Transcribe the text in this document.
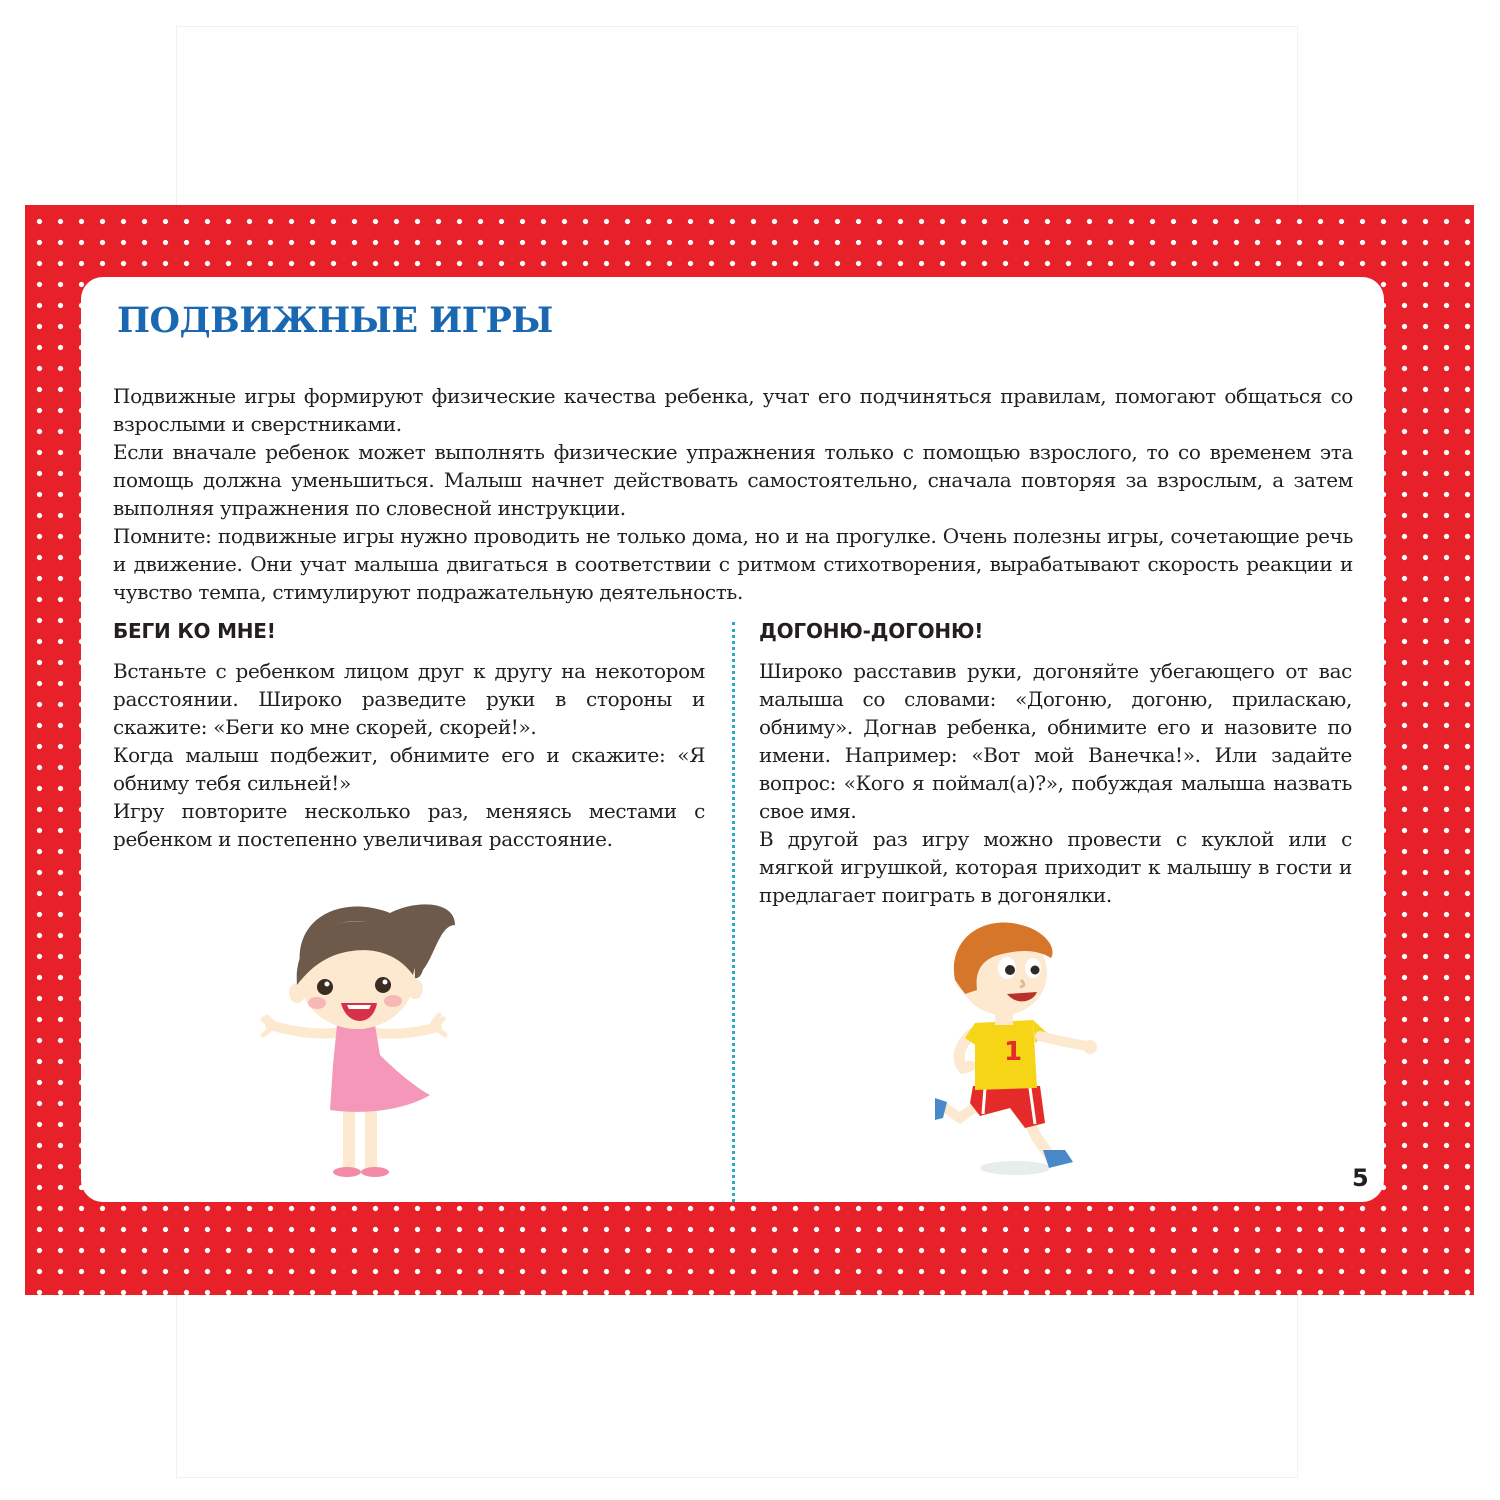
ПОДВИЖНЫЕ ИГРЫ

Подвижные игры формируют физические качества ребенка, учат его подчиняться правилам, помогают общаться со взрослыми и сверстниками.

Если вначале ребенок может выполнять физические упражнения только с помощью взрослого, то со временем эта помощь должна уменьшиться. Малыш начнет действовать самостоятельно, сначала повторяя за взрослым, а затем выполняя упражнения по словесной инструкции.

Помните: подвижные игры нужно проводить не только дома, но и на прогулке. Очень полезны игры, сочетающие речь и движение. Они учат малыша двигаться в соответствии с ритмом стихотворения, вырабатывают скорость реакции и чувство темпа, стимулируют подражательную деятельность.

БЕГИ КО МНЕ!

Встаньте с ребенком лицом друг к другу на некотором расстоянии. Широко разведите руки в стороны и скажите: «Беги ко мне скорей, скорей!».

Когда малыш подбежит, обнимите его и скажите: «Я обниму тебя сильней!»

Игру повторите несколько раз, меняясь местами с ребенком и постепенно увеличивая расстояние.

ДОГОНЮ-ДОГОНЮ!

Широко расставив руки, догоняйте убегающего от вас малыша со словами: «Догоню, догоню, приласкаю, обниму». Догнав ребенка, обнимите его и назовите по имени. Например: «Вот мой Ванечка!». Или задайте вопрос: «Кого я поймал(а)?», побуждая малыша назвать свое имя.

В другой раз игру можно провести с куклой или с мягкой игрушкой, которая приходит к малышу в гости и предлагает поиграть в догонялки.

1
5
